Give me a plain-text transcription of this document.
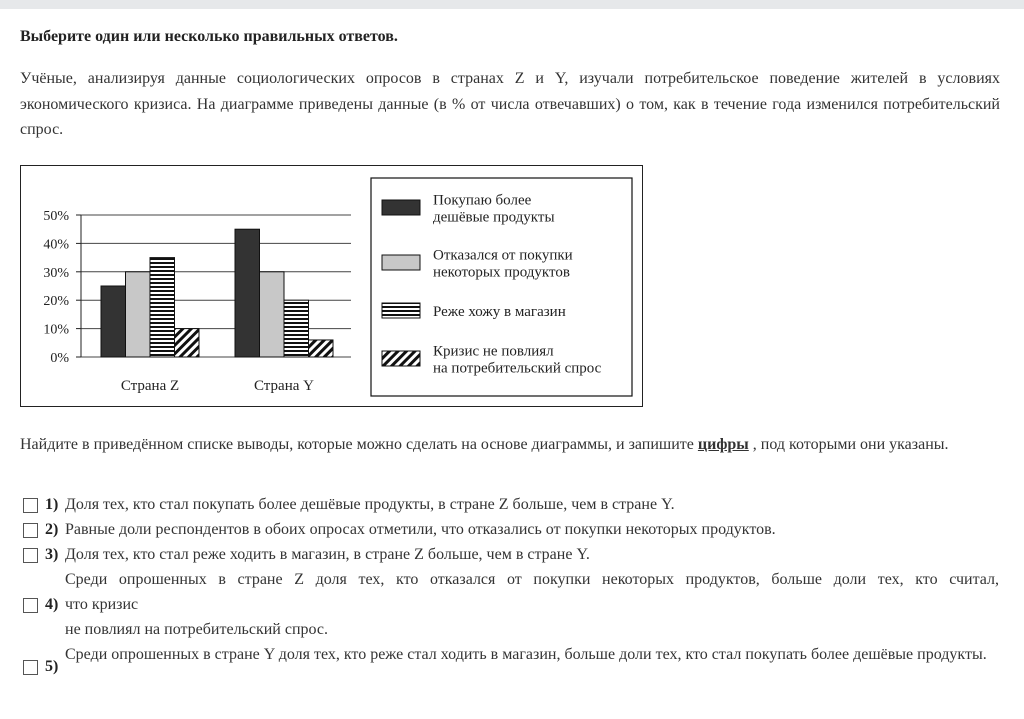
Выберите один или несколько правильных ответов.
Учёные, анализируя данные социологических опросов в странах Z и Y, изучали потребительское поведение жителей в условиях экономического кризиса. На диаграмме приведены данные (в % от числа отвечавших) о том, как в течение года изменился потребительский спрос.
50%
40%
30%
20%
10%
0%
Страна Z	Страна Y
Покупаю более
дешёвые продукты
Отказался от покупки
некоторых продуктов
Реже хожу в магазин
Кризис не повлиял
на потребительский спрос
Найдите в приведённом списке выводы, которые можно сделать на основе диаграммы, и запишите цифры , под которыми они указаны.
1) Доля тех, кто стал покупать более дешёвые продукты, в стране Z больше, чем в стране Y.
2) Равные доли респондентов в обоих опросах отметили, что отказались от покупки некоторых продуктов.
3) Доля тех, кто стал реже ходить в магазин, в стране Z больше, чем в стране Y.
Среди опрошенных в стране Z доля тех, кто отказался от покупки некоторых продуктов, больше доли тех, кто считал,
4) что кризис
не повлиял на потребительский спрос.
5)
Среди опрошенных в стране Y доля тех, кто реже стал ходить в магазин, больше доли тех, кто стал покупать более дешёвые продукты.
